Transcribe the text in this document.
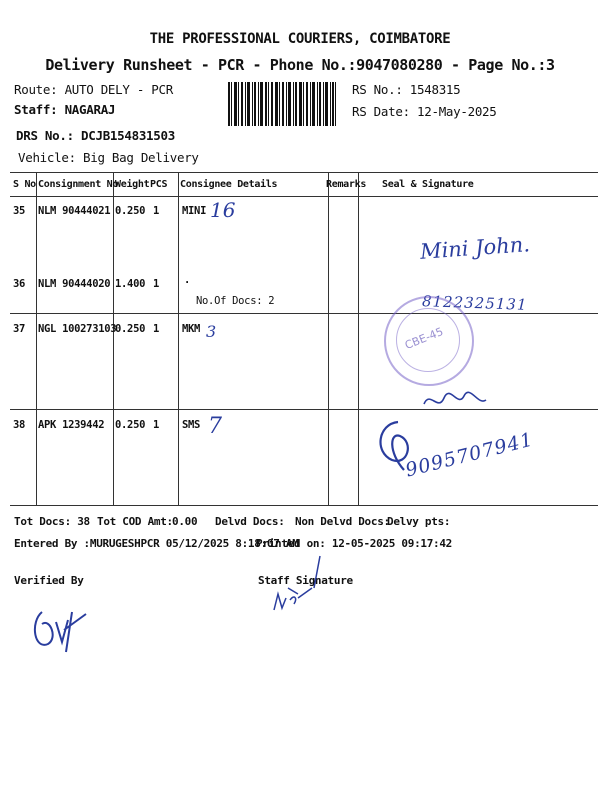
THE PROFESSIONAL COURIERS, COIMBATORE
Delivery Runsheet - PCR - Phone No.:9047080280 - Page No.:3
Route: AUTO DELY - PCR
Staff: NAGARAJ
DRS No.: DCJB154831503
Vehicle: Big Bag Delivery
RS No.: 1548315
RS Date: 12-May-2025
S No Consignment No
Weight PCS Consignee Details	Remarks Seal & Signature
35 NLM 90444021 0.250 1 MINI 16
36 NLM 90444020 1.400 1 .
No.Of Docs: 2
37 NGL 100273103
0.250 1 MKM 3
38 APK 1239442 0.250 1 SMS 7
Mini John.
8122325131
CBE-45
9095707941
Tot Docs: 38 Tot COD Amt: 0.00 Delvd Docs: Non Delvd Docs:
Delvy pts:
Entered By :MURUGESHPCR 05/12/2025 8:18:07 AM
Printed on: 12-05-2025 09:17:42
Verified By	Staff Signature
